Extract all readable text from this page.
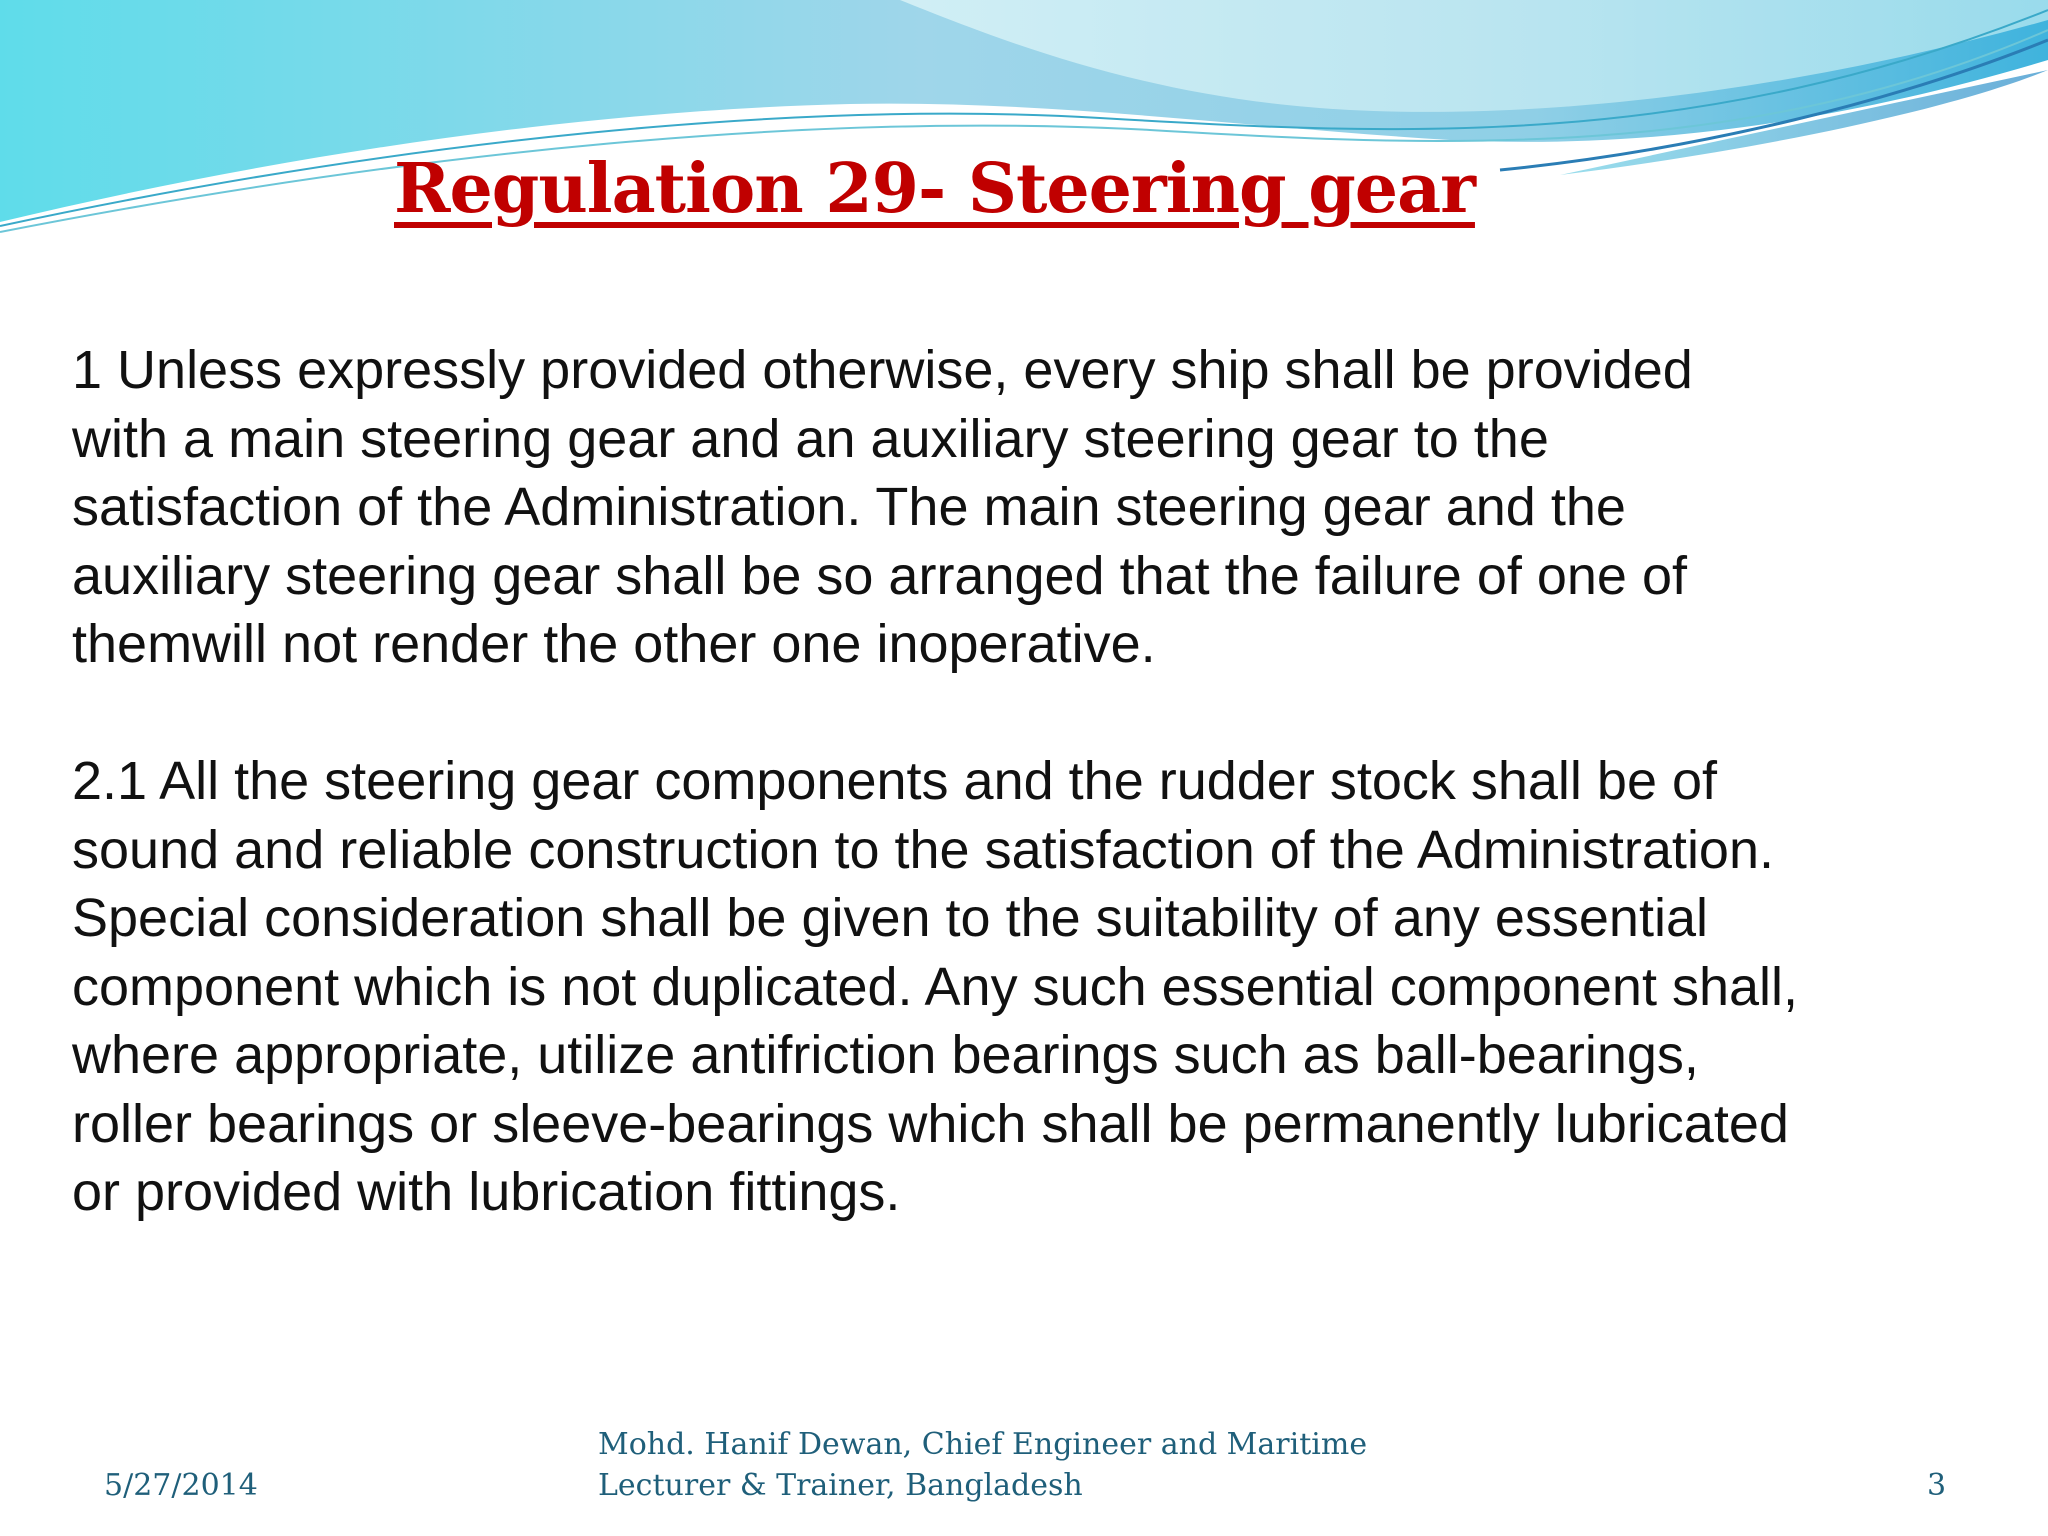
Regulation 29- Steering gear

1 Unless expressly provided otherwise, every ship shall be provided
with a main steering gear and an auxiliary steering gear to the
satisfaction of the Administration. The main steering gear and the
auxiliary steering gear shall be so arranged that the failure of one of
themwill not render the other one inoperative.

2.1 All the steering gear components and the rudder stock shall be of
sound and reliable construction to the satisfaction of the Administration.
Special consideration shall be given to the suitability of any essential
component which is not duplicated. Any such essential component shall,
where appropriate, utilize antifriction bearings such as ball-bearings,
roller bearings or sleeve-bearings which shall be permanently lubricated
or provided with lubrication fittings.

5/27/2014
Mohd. Hanif Dewan, Chief Engineer and Maritime
Lecturer & Trainer, Bangladesh	3
